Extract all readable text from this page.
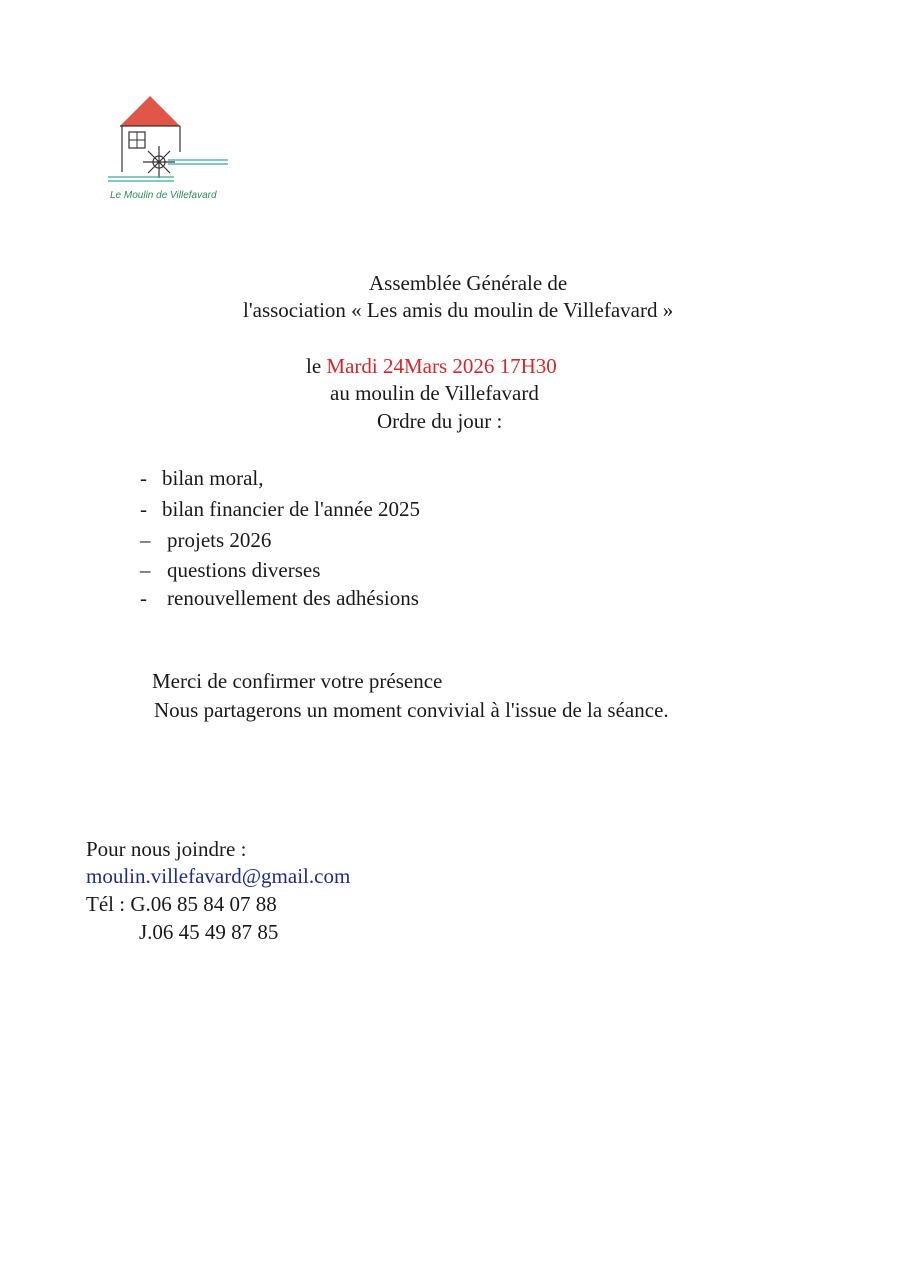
Le Moulin de Villefavard
Assemblée Générale de
l'association « Les amis du moulin de Villefavard »
le Mardi 24Mars 2026 17H30
au moulin de Villefavard
Ordre du jour :
- bilan moral,
- bilan financier de l'année 2025
– projets 2026
– questions diverses
- renouvellement des adhésions
Merci de confirmer votre présence
Nous partagerons un moment convivial à l'issue de la séance.
Pour nous joindre :
moulin.villefavard@gmail.com
Tél : G.06 85 84 07 88
J.06 45 49 87 85
